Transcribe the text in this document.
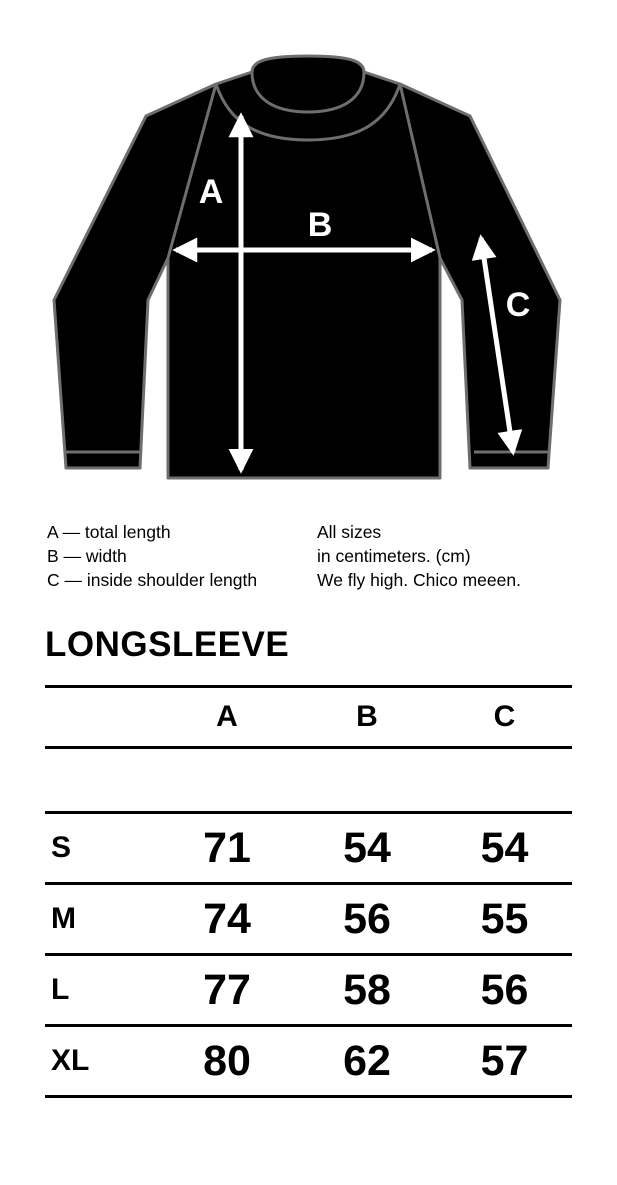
A
B
C
A — total length
B — width
C — inside shoulder length
All sizes
in centimeters. (cm)
We fly high. Chico meeen.
LONGSLEEVE
	A	B	C

S	71	54	54
M	74	56	55
L	77	58	56
XL	80	62	57
